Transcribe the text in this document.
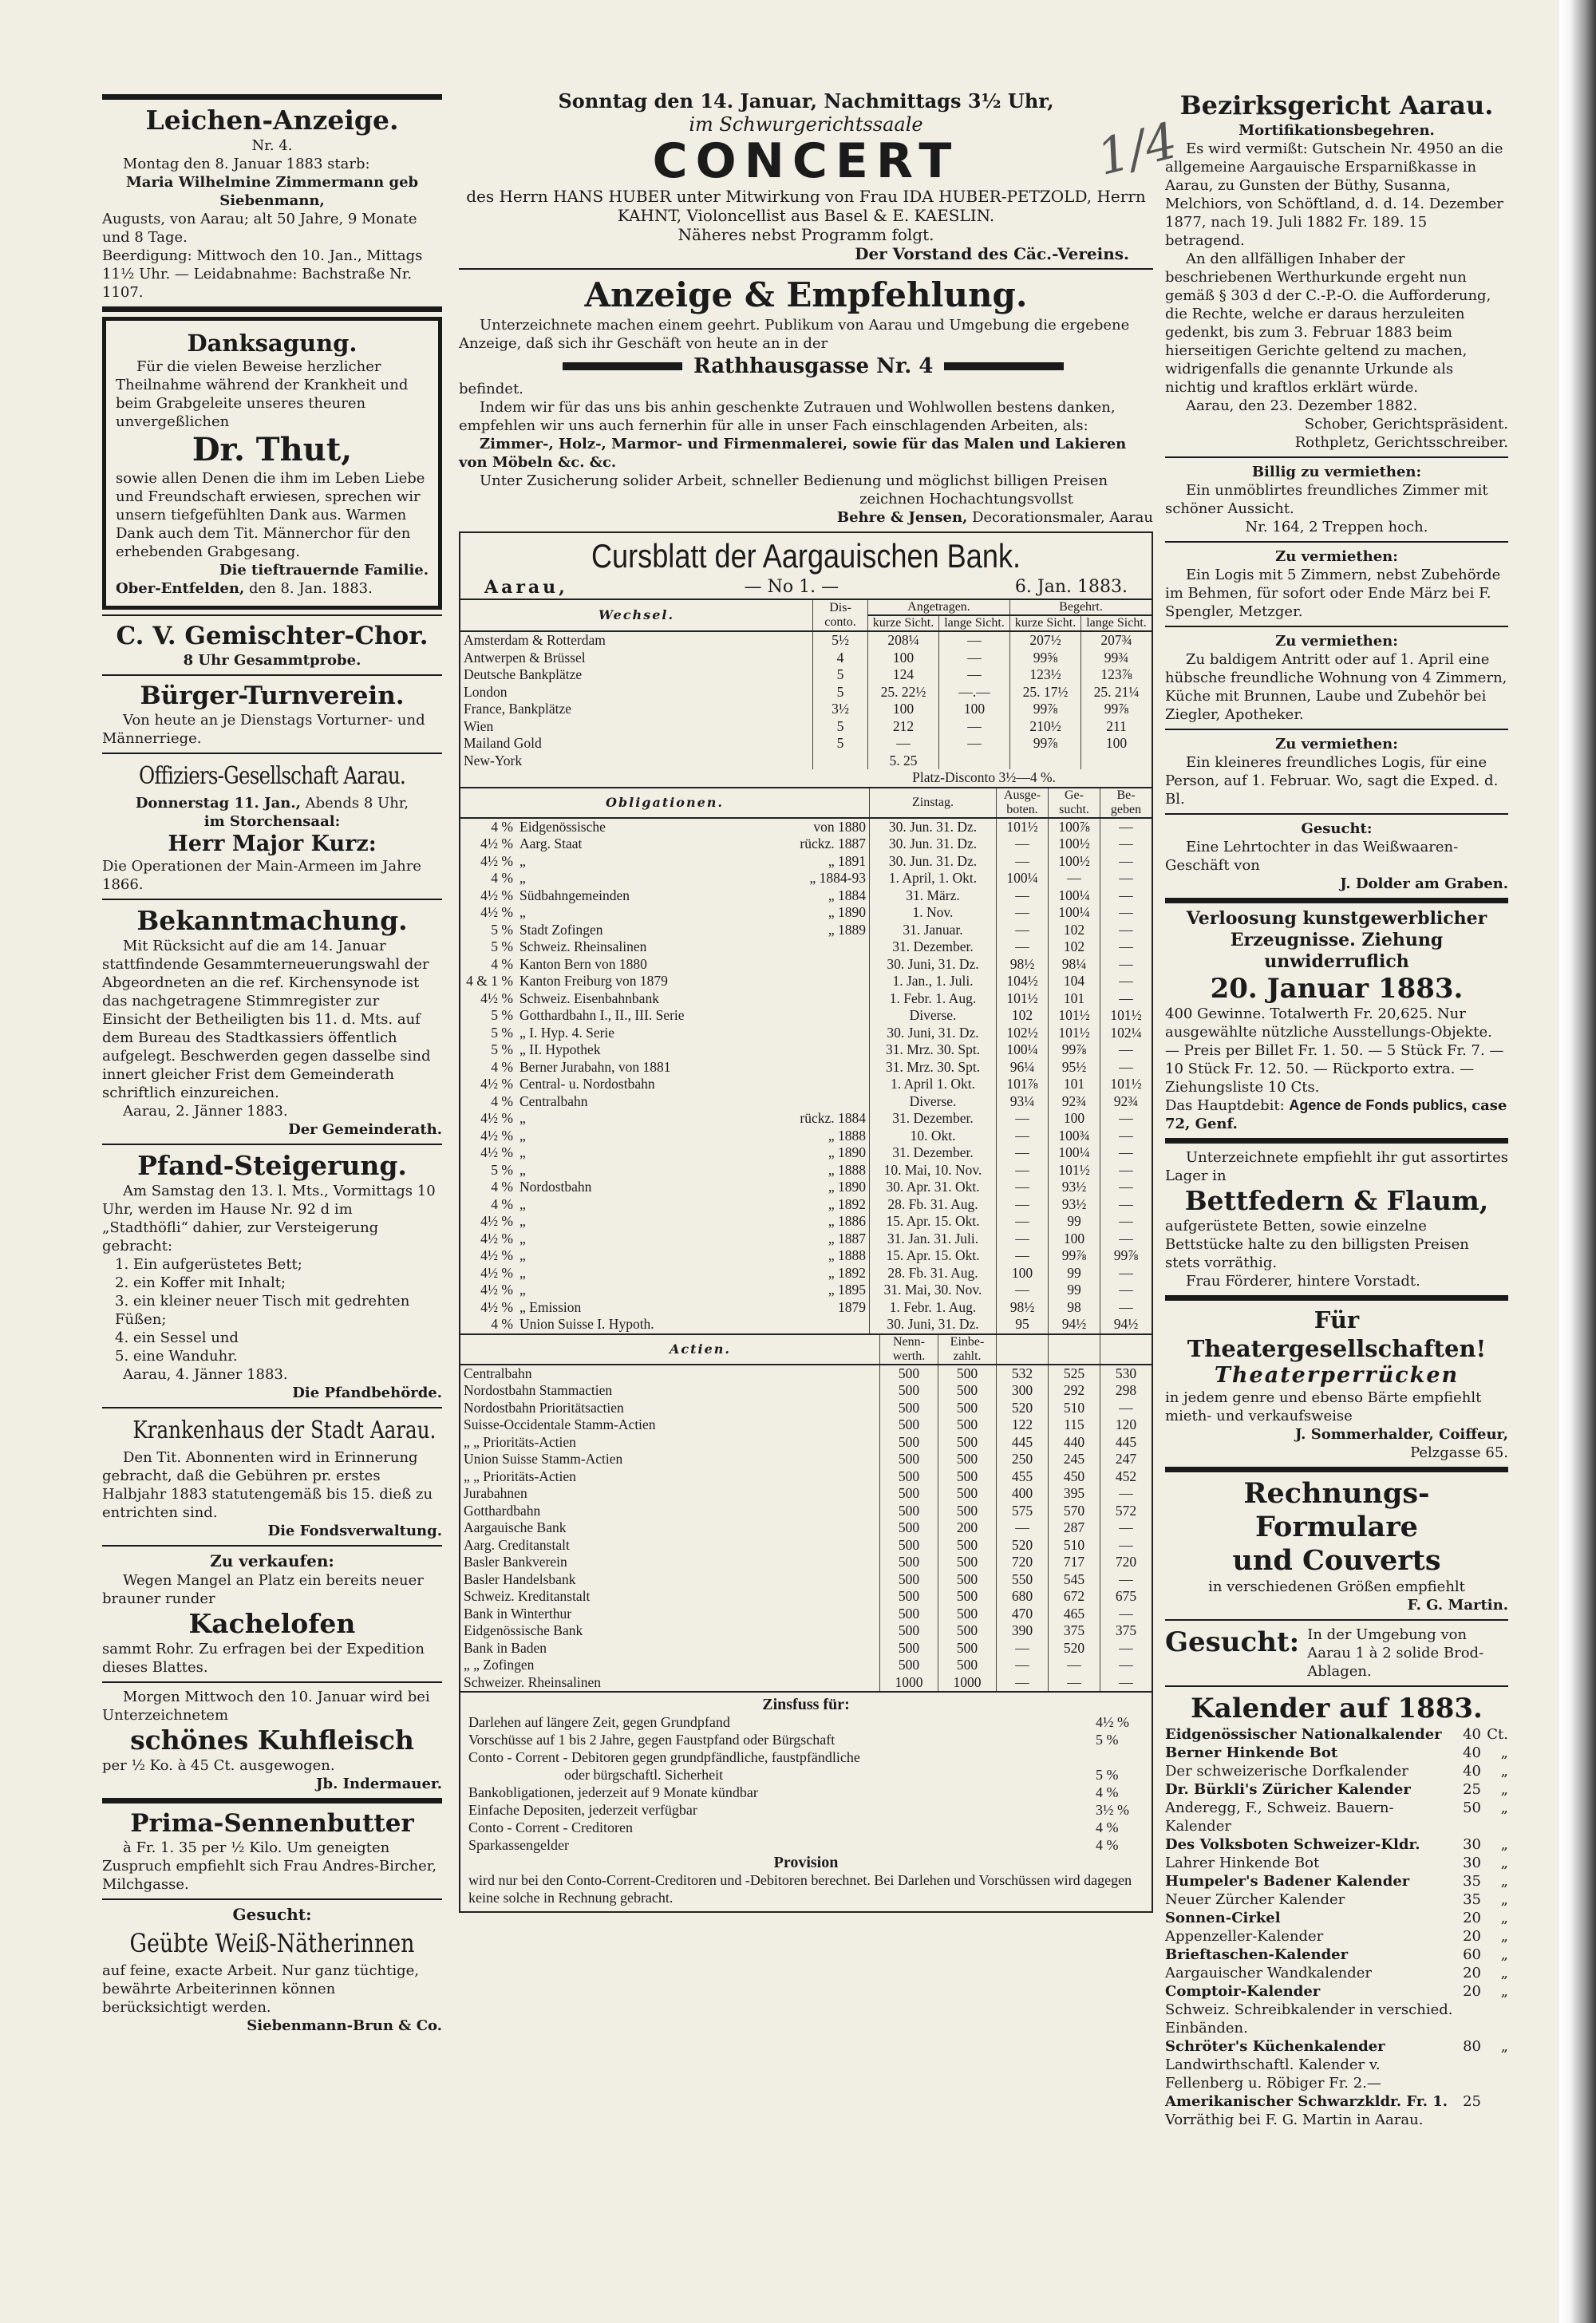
1/4
Leichen-Anzeige.
Nr. 4.

Montag den 8. Januar 1883 starb:

Maria Wilhelmine Zimmermann geb Siebenmann,

Augusts, von Aarau; alt 50 Jahre, 9 Monate und 8 Tage.

Beerdigung: Mittwoch den 10. Jan., Mittags 11½ Uhr. — Leidabnahme: Bachstraße Nr. 1107.

Danksagung.

Für die vielen Beweise herzlicher Theilnahme während der Krankheit und beim Grabgeleite unseres theuren unvergeßlichen

Dr. Thut,

sowie allen Denen die ihm im Leben Liebe und Freundschaft erwiesen, sprechen wir unsern tiefgefühlten Dank aus. Warmen Dank auch dem Tit. Männerchor für den erhebenden Grabgesang.

Die tieftrauernde Familie.

Ober-Entfelden, den 8. Jan. 1883.

C. V. Gemischter-Chor.
8 Uhr Gesammtprobe.
Bürger-Turnverein.

Von heute an je Dienstags Vorturner- und Männerriege.

Offiziers-Gesellschaft Aarau.

Donnerstag 11. Jan., Abends 8 Uhr,

im Storchensaal:

Herr Major Kurz:

Die Operationen der Main-Armeen im Jahre 1866.

Bekanntmachung.

Mit Rücksicht auf die am 14. Januar stattfindende Gesammterneuerungswahl der Abgeordneten an die ref. Kirchensynode ist das nachgetragene Stimmregister zur Einsicht der Betheiligten bis 11. d. Mts. auf dem Bureau des Stadtkassiers öffentlich aufgelegt. Beschwerden gegen dasselbe sind innert gleicher Frist dem Gemeinderath schriftlich einzureichen.

Aarau, 2. Jänner 1883.

Der Gemeinderath.

Pfand-Steigerung.

Am Samstag den 13. l. Mts., Vormittags 10 Uhr, werden im Hause Nr. 92 d im „Stadthöfli“ dahier, zur Versteigerung gebracht:

1. Ein aufgerüstetes Bett;

2. ein Koffer mit Inhalt;

3. ein kleiner neuer Tisch mit gedrehten Füßen;

4. ein Sessel und

5. eine Wanduhr.

Aarau, 4. Jänner 1883.

Die Pfandbehörde.

Krankenhaus der Stadt Aarau.

Den Tit. Abonnenten wird in Erinnerung gebracht, daß die Gebühren pr. erstes Halbjahr 1883 statutengemäß bis 15. dieß zu entrichten sind.

Die Fondsverwaltung.

Zu verkaufen:

Wegen Mangel an Platz ein bereits neuer brauner runder

Kachelofen

sammt Rohr. Zu erfragen bei der Expedition dieses Blattes.

Morgen Mittwoch den 10. Januar wird bei Unterzeichnetem

schönes Kuhfleisch

per ½ Ko. à 45 Ct. ausgewogen.

Jb. Indermauer.

Prima-Sennenbutter

à Fr. 1. 35 per ½ Kilo. Um geneigten Zuspruch empfiehlt sich Frau Andres-Bircher, Milchgasse.

Gesucht:
Geübte Weiß-Nätherinnen

auf feine, exacte Arbeit. Nur ganz tüchtige, bewährte Arbeiterinnen können berücksichtigt werden.

Siebenmann-Brun & Co.

Sonntag den 14. Januar, Nachmittags 3½ Uhr,
im Schwurgerichtssaale
CONCERT

des Herrn HANS HUBER unter Mitwirkung von Frau IDA HUBER-PETZOLD, Herrn KAHNT, Violoncellist aus Basel & E. KAESLIN.

Näheres nebst Programm folgt.

Der Vorstand des Cäc.-Vereins.

Anzeige & Empfehlung.

Unterzeichnete machen einem geehrt. Publikum von Aarau und Umgebung die ergebene Anzeige, daß sich ihr Geschäft von heute an in der

Rathhausgasse Nr. 4

befindet.

Indem wir für das uns bis anhin geschenkte Zutrauen und Wohlwollen bestens danken, empfehlen wir uns auch fernerhin für alle in unser Fach einschlagenden Arbeiten, als:

Zimmer-, Holz-, Marmor- und Firmenmalerei, sowie für das Malen und Lakieren von Möbeln &c. &c.

Unter Zusicherung solider Arbeit, schneller Bedienung und möglichst billigen Preisen

zeichnen Hochachtungsvollst

Behre & Jensen, Decorationsmaler, Aarau

Cursblatt der Aargauischen Bank.
Aarau,	— No 1. —	6. Jan. 1883.
Wechsel.	Dis-conto.	Angetragen.		Begehrt.	
		kurze Sicht.	lange Sicht.	kurze Sicht.	lange Sicht.
Amsterdam & Rotterdam	5½	208¼	—	207½	207¾
Antwerpen & Brüssel	4	100	—	99⅝	99¾
Deutsche Bankplätze	5	124	—	123½	123⅞
London	5	25. 22½	—.—	25. 17½	25. 21¼
France, Bankplätze	3½	100	100	99⅞	99⅞
Wien	5	212	—	210½	211
Mailand Gold	5	—	—	99⅞	100
New-York		5. 25			
Platz-Disconto 3½—4 %.					
Obligationen.			Zinstag.	Ausge-boten.	Ge-sucht.	Be-geben
4 %	Eidgenössische	von 1880	30. Jun. 31. Dz.	101½	100⅞	—
4½ %	Aarg. Staat	rückz. 1887	30. Jun. 31. Dz.	—	100½	—
4½ %	„	„ 1891	30. Jun. 31. Dz.	—	100½	—
4 %	„	„ 1884-93	1. April, 1. Okt.	100¼	—	—
4½ %	Südbahngemeinden	„ 1884	31. März.	—	100¼	—
4½ %	„	„ 1890	1. Nov.	—	100¼	—
5 %	Stadt Zofingen	„ 1889	31. Januar.	—	102	—
5 %	Schweiz. Rheinsalinen		31. Dezember.	—	102	—
4 %	Kanton Bern von 1880		30. Juni, 31. Dz.	98½	98¼	—
4 & 1 %	Kanton Freiburg von 1879		1. Jan., 1. Juli.	104½	104	—
4½ %	Schweiz. Eisenbahnbank		1. Febr. 1. Aug.	101½	101	—
5 %	Gotthardbahn I., II., III. Serie		Diverse.	102	101½	101½
5 %	„ I. Hyp. 4. Serie		30. Juni, 31. Dz.	102½	101½	102¼
5 %	„ II. Hypothek		31. Mrz. 30. Spt.	100¼	99⅞	—
4 %	Berner Jurabahn, von 1881		31. Mrz. 30. Spt.	96¼	95½	—
4½ %	Central- u. Nordostbahn		1. April 1. Okt.	101⅞	101	101½
4 %	Centralbahn		Diverse.	93¼	92¾	92¾
4½ %	„	rückz. 1884	31. Dezember.	—	100	—
4½ %	„	„ 1888	10. Okt.	—	100¾	—
4½ %	„	„ 1890	31. Dezember.	—	100¼	—
5 %	„	„ 1888	10. Mai, 10. Nov.	—	101½	—
4 %	Nordostbahn	„ 1890	30. Apr. 31. Okt.	—	93½	—
4 %	„	„ 1892	28. Fb. 31. Aug.	—	93½	—
4½ %	„	„ 1886	15. Apr. 15. Okt.	—	99	—
4½ %	„	„ 1887	31. Jan. 31. Juli.	—	100	—
4½ %	„	„ 1888	15. Apr. 15. Okt.	—	99⅞	99⅞
4½ %	„	„ 1892	28. Fb. 31. Aug.	100	99	—
4½ %	„	„ 1895	31. Mai, 30. Nov.	—	99	—
4½ %	„ Emission	1879	1. Febr. 1. Aug.	98½	98	—
4 %	Union Suisse I. Hypoth.		30. Juni, 31. Dz.	95	94½	94½
Actien.	Nenn-werth.	Einbe-zahlt.			
Centralbahn	500	500	532	525	530
Nordostbahn Stammactien	500	500	300	292	298
Nordostbahn Prioritätsactien	500	500	520	510	—
Suisse-Occidentale Stamm-Actien	500	500	122	115	120
„ „ Prioritäts-Actien	500	500	445	440	445
Union Suisse Stamm-Actien	500	500	250	245	247
„ „ Prioritäts-Actien	500	500	455	450	452
Jurabahnen	500	500	400	395	—
Gotthardbahn	500	500	575	570	572
Aargauische Bank	500	200	—	287	—
Aarg. Creditanstalt	500	500	520	510	—
Basler Bankverein	500	500	720	717	720
Basler Handelsbank	500	500	550	545	—
Schweiz. Kreditanstalt	500	500	680	672	675
Bank in Winterthur	500	500	470	465	—
Eidgenössische Bank	500	500	390	375	375
Bank in Baden	500	500	—	520	—
„ „ Zofingen	500	500	—	—	—
Schweizer. Rheinsalinen	1000	1000	—	—	—
Zinsfuss für:
Darlehen auf längere Zeit, gegen Grundpfand	4½ %
Vorschüsse auf 1 bis 2 Jahre, gegen Faustpfand oder Bürgschaft	5 %
Conto - Corrent - Debitoren gegen grundpfändliche, faustpfändliche
oder bürgschaftl. Sicherheit	5 %
Bankobligationen, jederzeit auf 9 Monate kündbar	4 %
Einfache Depositen, jederzeit verfügbar	3½ %
Conto - Corrent - Creditoren	4 %
Sparkassengelder	4 %
Provision

wird nur bei den Conto-Corrent-Creditoren und -Debitoren berechnet. Bei Darlehen und Vorschüssen wird dagegen keine solche in Rechnung gebracht.

Bezirksgericht Aarau.
Mortifikationsbegehren.

Es wird vermißt: Gutschein Nr. 4950 an die allgemeine Aargauische Ersparnißkasse in Aarau, zu Gunsten der Büthy, Susanna, Melchiors, von Schöftland, d. d. 14. Dezember 1877, nach 19. Juli 1882 Fr. 189. 15 betragend.

An den allfälligen Inhaber der beschriebenen Werthurkunde ergeht nun gemäß § 303 d der C.-P.-O. die Aufforderung, die Rechte, welche er daraus herzuleiten gedenkt, bis zum 3. Februar 1883 beim hierseitigen Gerichte geltend zu machen, widrigenfalls die genannte Urkunde als nichtig und kraftlos erklärt würde.

Aarau, den 23. Dezember 1882.

Schober, Gerichtspräsident.

Rothpletz, Gerichtsschreiber.

Billig zu vermiethen:

Ein unmöblirtes freundliches Zimmer mit schöner Aussicht.

Nr. 164, 2 Treppen hoch.

Zu vermiethen:

Ein Logis mit 5 Zimmern, nebst Zubehörde im Behmen, für sofort oder Ende März bei F. Spengler, Metzger.

Zu vermiethen:

Zu baldigem Antritt oder auf 1. April eine hübsche freundliche Wohnung von 4 Zimmern, Küche mit Brunnen, Laube und Zubehör bei Ziegler, Apotheker.

Zu vermiethen:

Ein kleineres freundliches Logis, für eine Person, auf 1. Februar. Wo, sagt die Exped. d. Bl.

Gesucht:

Eine Lehrtochter in das Weißwaaren-Geschäft von

J. Dolder am Graben.

Verloosung kunstgewerblicher Erzeugnisse. Ziehung unwiderruflich
20. Januar 1883.

400 Gewinne. Totalwerth Fr. 20,625. Nur ausgewählte nützliche Ausstellungs-Objekte. — Preis per Billet Fr. 1. 50. — 5 Stück Fr. 7. — 10 Stück Fr. 12. 50. — Rückporto extra. — Ziehungsliste 10 Cts.

Das Hauptdebit: Agence de Fonds publics, case 72, Genf.

Unterzeichnete empfiehlt ihr gut assortirtes Lager in

Bettfedern & Flaum,

aufgerüstete Betten, sowie einzelne Bettstücke halte zu den billigsten Preisen stets vorräthig.

Frau Förderer, hintere Vorstadt.

Für Theatergesellschaften!
Theaterperrücken

in jedem genre und ebenso Bärte empfiehlt mieth- und verkaufsweise

J. Sommerhalder, Coiffeur,

Pelzgasse 65.

Rechnungs-Formulare
und Couverts

in verschiedenen Größen empfiehlt

F. G. Martin.

Gesucht: In der Umgebung von Aarau 1 à 2 solide Brod-Ablagen.

Kalender auf 1883.
Eidgenössischer Nationalkalender	40 Ct.
Berner Hinkende Bot	40	„
Der schweizerische Dorfkalender	40	„
Dr. Bürkli's Züricher Kalender	25	„
Anderegg, F., Schweiz. Bauern-Kalender
50	„
Des Volksboten Schweizer-Kldr.	30	„
Lahrer Hinkende Bot	30	„
Humpeler's Badener Kalender	35	„
Neuer Zürcher Kalender	35	„
Sonnen-Cirkel	20	„
Appenzeller-Kalender	20	„
Brieftaschen-Kalender	60	„
Aargauischer Wandkalender	20	„
Comptoir-Kalender	20	„
Schweiz. Schreibkalender in verschied. Einbänden.
Schröter's Küchenkalender	80	„
Landwirthschaftl. Kalender v. Fellenberg u. Röbiger Fr. 2.—
Amerikanischer Schwarzkldr. Fr. 1.	25

Vorräthig bei F. G. Martin in Aarau.
